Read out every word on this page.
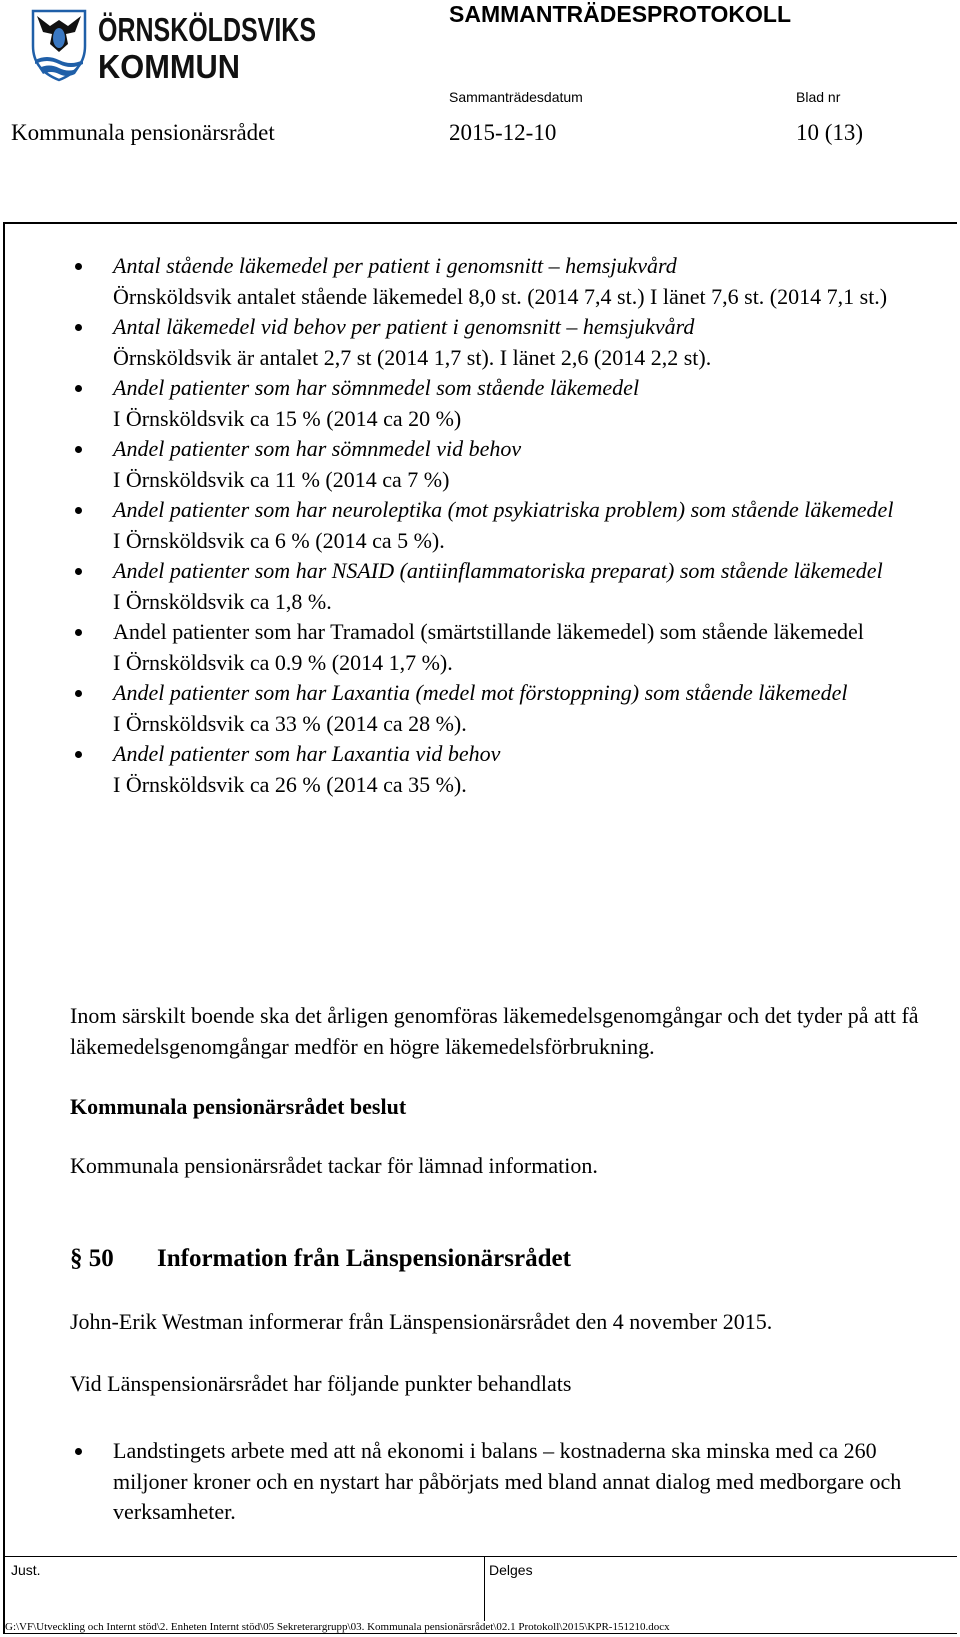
ÖRNSKÖLDSVIKS
KOMMUN
SAMMANTRÄDESPROTOKOLL
Sammanträdesdatum	Blad nr
Kommunala pensionärsrådet	2015-12-10	10 (13)
Antal stående läkemedel per patient i genomsnitt – hemsjukvård
Örnsköldsvik antalet stående läkemedel 8,0 st. (2014 7,4 st.) I länet 7,6 st. (2014 7,1 st.)
Antal läkemedel vid behov per patient i genomsnitt – hemsjukvård
Örnsköldsvik är antalet 2,7 st (2014 1,7 st). I länet 2,6 (2014 2,2 st).
Andel patienter som har sömnmedel som stående läkemedel
I Örnsköldsvik ca 15 % (2014 ca 20 %)
Andel patienter som har sömnmedel vid behov
I Örnsköldsvik ca 11 % (2014 ca 7 %)
Andel patienter som har neuroleptika (mot psykiatriska problem) som stående läkemedel
I Örnsköldsvik ca 6 % (2014 ca 5 %).
Andel patienter som har NSAID (antiinflammatoriska preparat) som stående läkemedel
I Örnsköldsvik ca 1,8 %.
Andel patienter som har Tramadol (smärtstillande läkemedel) som stående läkemedel
I Örnsköldsvik ca 0.9 % (2014 1,7 %).
Andel patienter som har Laxantia (medel mot förstoppning) som stående läkemedel
I Örnsköldsvik ca 33 % (2014 ca 28 %).
Andel patienter som har Laxantia vid behov
I Örnsköldsvik ca 26 % (2014 ca 35 %).
Inom särskilt boende ska det årligen genomföras läkemedelsgenomgångar och det tyder på att få läkemedelsgenomgångar medför en högre läkemedelsförbrukning.
Kommunala pensionärsrådet beslut
Kommunala pensionärsrådet tackar för lämnad information.
§ 50 Information från Länspensionärsrådet
John-Erik Westman informerar från Länspensionärsrådet den 4 november 2015.
Vid Länspensionärsrådet har följande punkter behandlats
Landstingets arbete med att nå ekonomi i balans – kostnaderna ska minska med ca 260 miljoner kroner och en nystart har påbörjats med bland annat dialog med medborgare och verksamheter.
Just.	Delges
G:\VF\Utveckling och Internt stöd\2. Enheten Internt stöd\05 Sekreterargrupp\03. Kommunala pensionärsrådet\02.1 Protokoll\2015\KPR-151210.docx
